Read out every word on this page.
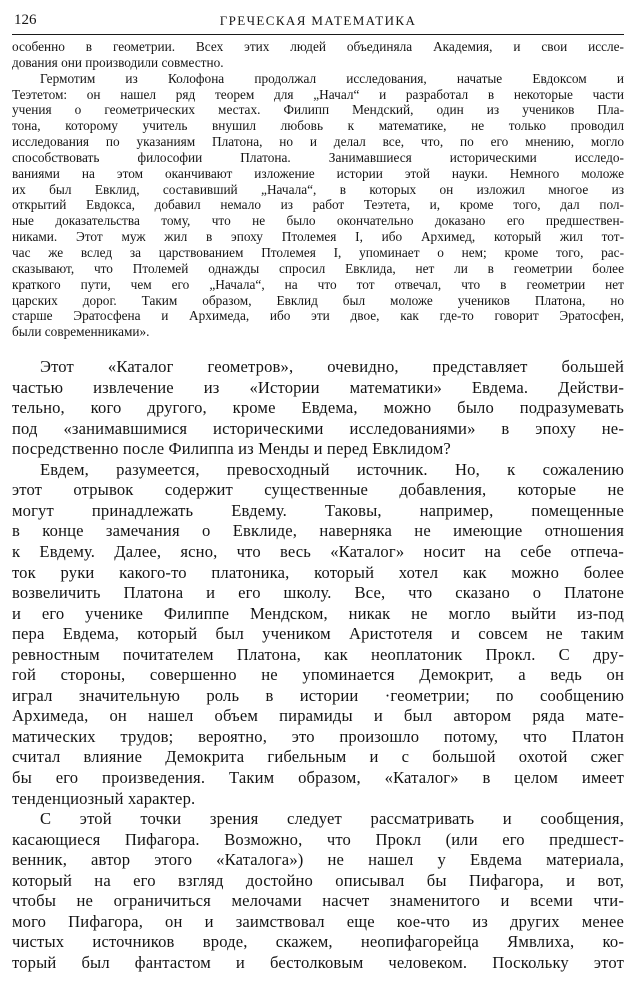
126	ГРЕЧЕСКАЯ МАТЕМАТИКА
особенно в геометрии. Всех этих людей объединяла Академия, и свои иссле-
дования они производили совместно.
Гермотим из Колофона продолжал исследования, начатые Евдоксом и
Теэтетом: он нашел ряд теорем для „Начал“ и разработал в некоторые части
учения о геометрических местах. Филипп Мендский, один из учеников Пла-
тона, которому учитель внушил любовь к математике, не только проводил
исследования по указаниям Платона, но и делал все, что, по его мнению, могло
способствовать философии Платона. Занимавшиеся историческими исследо-
ваниями на этом оканчивают изложение истории этой науки. Немного моложе
их был Евклид, составивший „Начала“, в которых он изложил многое из
открытий Евдокса, добавил немало из работ Теэтета, и, кроме того, дал пол-
ные доказательства тому, что не было окончательно доказано его предшествен-
никами. Этот муж жил в эпоху Птолемея I, ибо Архимед, который жил тот-
час же вслед за царствованием Птолемея I, упоминает о нем; кроме того, рас-
сказывают, что Птолемей однажды спросил Евклида, нет ли в геометрии более
краткого пути, чем его „Начала“, на что тот отвечал, что в геометрии нет
царских дорог. Таким образом, Евклид был моложе учеников Платона, но
старше Эратосфена и Архимеда, ибо эти двое, как где-то говорит Эратосфен,
были современниками».
Этот «Каталог геометров», очевидно, представляет большей
частью извлечение из «Истории математики» Евдема. Действи-
тельно, кого другого, кроме Евдема, можно было подразумевать
под «занимавшимися историческими исследованиями» в эпоху не-
посредственно после Филиппа из Менды и перед Евклидом?
Евдем, разумеется, превосходный источник. Но, к сожалению
этот отрывок содержит существенные добавления, которые не
могут принадлежать Евдему. Таковы, например, помещенные
в конце замечания о Евклиде, наверняка не имеющие отношения
к Евдему. Далее, ясно, что весь «Каталог» носит на себе отпеча-
ток руки какого-то платоника, который хотел как можно более
возвеличить Платона и его школу. Все, что сказано о Платоне
и его ученике Филиппе Мендском, никак не могло выйти из-под
пера Евдема, который был учеником Аристотеля и совсем не таким
ревностным почитателем Платона, как неоплатоник Прокл. С дру-
гой стороны, совершенно не упоминается Демокрит, а ведь он
играл значительную роль в истории ·геометрии; по сообщению
Архимеда, он нашел объем пирамиды и был автором ряда мате-
матических трудов; вероятно, это произошло потому, что Платон
считал влияние Демокрита гибельным и с большой охотой сжег
бы его произведения. Таким образом, «Каталог» в целом имеет
тенденциозный характер.
С этой точки зрения следует рассматривать и сообщения,
касающиеся Пифагора. Возможно, что Прокл (или его предшест-
венник, автор этого «Каталога») не нашел у Евдема материала,
который на его взгляд достойно описывал бы Пифагора, и вот,
чтобы не ограничиться мелочами насчет знаменитого и всеми чти-
мого Пифагора, он и заимствовал еще кое-что из других менее
чистых источников вроде, скажем, неопифагорейца Ямвлиха, ко-
торый был фантастом и бестолковым человеком. Поскольку этот
